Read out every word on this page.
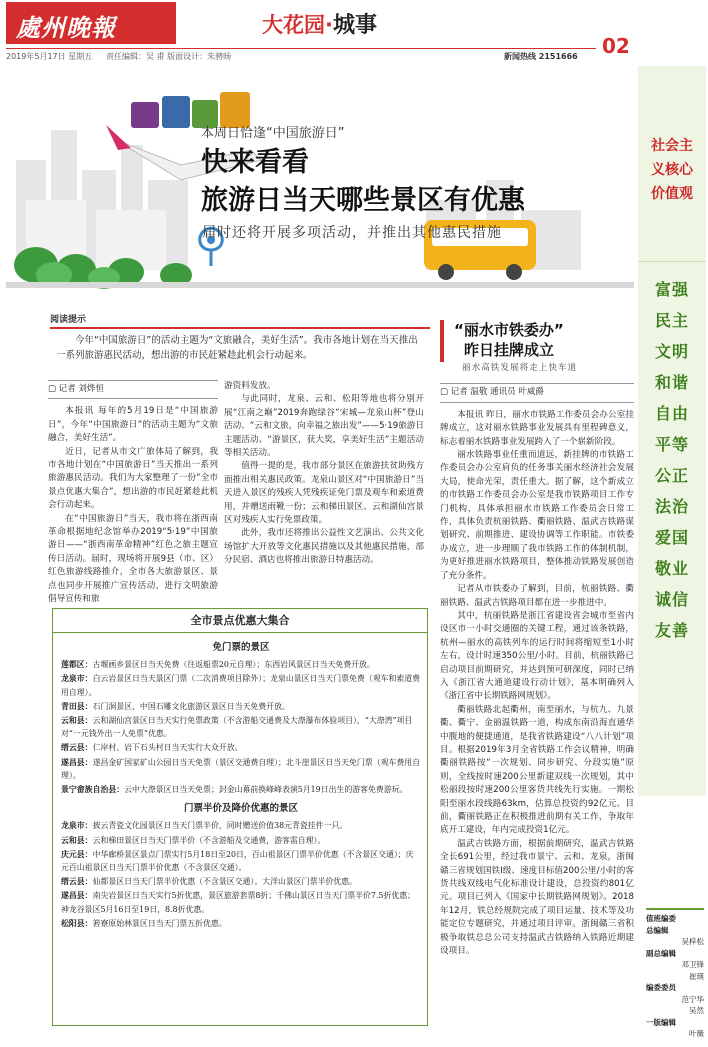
處州晚報	大花园·城事
02
2019年5月17日 星期五 责任编辑：吴 甫 版面设计：朱骋旸	新闻热线 2151666
本周日恰逢“中国旅游日”
快来看看
旅游日当天哪些景区有优惠
届时还将开展多项活动，并推出其他惠民措施
阅读提示
今年“中国旅游日”的活动主题为“文旅融合，美好生活”。我市各地计划在当天推出一系列旅游惠民活动，想出游的市民赶紧趁此机会行动起来。
▢ 记者 刘烨恒

本报讯 每年的5月19日是“中国旅游日”，今年“中国旅游日”的活动主题为“文旅融合，美好生活”。

近日，记者从市文广旅体局了解到，我市各地计划在“中国旅游日”当天推出一系列旅游惠民活动。我们为大家整理了一份“全市景点优惠大集合”，想出游的市民赶紧趁此机会行动起来。

在“中国旅游日”当天，我市将在浙西南革命根据地纪念馆举办2019“5·19”中国旅游日——“浙西南革命精神”红色之旅主题宣传日活动。届时，现场将开展9县（市、区）红色旅游线路推介，全市各大旅游景区、景点也同步开展推广宣传活动，进行文明旅游倡导宣传和旅

游资料发放。

与此同时，龙泉、云和、松阳等地也将分别开展“江南之巅”2019奔跑绿谷“宋城—龙泉山杯”登山活动、“云和文旅，向幸福之旅出发”——5·19旅游日主题活动、“游景区，获大奖，享美好生活”主题活动等相关活动。

值得一提的是，我市部分景区在旅游扶贫助残方面推出相关惠民政策。龙泉山景区对“中国旅游日”当天进入景区的残疾人凭残疾证免门票及观车和索道费用，并赠送雨靴一份；云和梯田景区、云和湖仙宫景区对残疾人实行免票政策。

此外，我市还将推出公益性文艺演出、公共文化场馆扩大开放等文化惠民措施以及其他惠民措施，部分民宿、酒店也将推出旅游日特惠活动。

“丽水市铁委办”
昨日挂牌成立
丽水高铁发展将走上快车道
▢ 记者 温敬 通讯员 叶威爵

本报讯 昨日，丽水市铁路工作委员会办公室挂牌成立，这对丽水铁路事业发展具有里程碑意义，标志着丽水铁路事业发展跨入了一个崭新阶段。

丽水铁路事业任重而道远，新挂牌的市铁路工作委员会办公室肩负的任务事关丽水经济社会发展大局，使命光荣，责任重大。据了解，这个新成立的市铁路工作委员会办公室是我市铁路项目工作专门机构，具体承担丽水市铁路工作委员会日常工作，具体负责杭丽铁路、衢丽铁路、温武吉铁路谋划研究、前期推进、建设协调等工作职能。市铁委办成立，进一步理顺了我市铁路工作的体制机制，为更好推进丽水铁路项目，整体推动铁路发展创造了充分条件。

记者从市铁委办了解到，目前，杭丽铁路、衢丽铁路、温武吉铁路项目都在进一步推进中。

其中，杭丽铁路是浙江省建设省会城市至省内设区市一小时交通圈的关键工程，通过该条铁路，杭州—丽水的高铁列车的运行时间将缩短至1小时左右，设计时速350公里/小时。目前，杭丽铁路已启动项目前期研究，并达到预可研深度，同时已纳入《浙江省大通道建设行动计划》，基本明确列入《浙江省中长期铁路网规划》。

衢丽铁路北起衢州，南至丽水，与杭九、九景衢、衢宁、金丽温铁路一道，构成东南沿海直通华中腹地的便捷通道，是我省铁路建设“八八计划”项目。根据2019年3月全省铁路工作会议精神，明确衢丽铁路按“一次规划、同步研究、分段实施”原则，全线按时速200公里新建双线一次规划，其中松丽段按时速200公里客货共线先行实施。一期松阳至丽水段线路63km，估算总投资约92亿元。目前，衢丽铁路正在积极推进前期有关工作，争取年底开工建设，年内完成投资1亿元。

温武吉铁路方面，根据前期研究，温武吉铁路全长691公里，经过我市景宁、云和、龙泉，浙闽赣三省规划国铁Ⅰ级、速度目标值200公里/小时的客货共线双线电气化标准设计建设，总投资约801亿元。项目已列入《国家中长期铁路网规划》。2018年12月，铁总经规院完成了项目运量、技术等及功能定位专题研究，并通过项目评审。浙闽赣三省积极争取铁总总公司支持温武吉铁路纳入铁路近期建设项目。

全市景点优惠大集合
免门票的景区
莲都区：古堰画乡景区日当天免费（往返船票20元自理）；东西岩风景区日当天免费开放。
龙泉市：白云岩景区日当天景区门票（二次消费项目除外）；龙泉山景区日当天门票免费（观车和索道费用自理）。
青田县：石门洞景区、中国石雕文化旅游区景区日当天免费开放。
云和县：云和湖仙宫景区日当天实行免票政策（不含游船交通费及大漈瀑布体验项目），“大漈湾”项目对“一元钱外出一人免票”优惠。
缙云县：仁岸村、岩下石头村日当天实行大众开放。
遂昌县：遂昌金矿国家矿山公园日当天免票（景区交通费自理）；北斗崖景区日当天免门票（观车费用自理）。
景宁畲族自治县：云中大漈景区日当天免票；封金山幕前换峰峰表演5月19日出生的游客免费游玩。
门票半价及降价优惠的景区
龙泉市：披云青瓷文化园景区日当天门票半价，同时赠送价值38元青瓷挂件一只。
云和县：云和梯田景区日当天门票半价（不含游船及交通费，游客需自理）。
庆元县：中华廊桥景区景点门票实行5月18日至20日，百山祖景区门票半价优惠（不含景区交通）；庆元百山祖景区日当天门票半价优惠（不含景区交通）。
缙云县：仙都景区日当天门票半价优惠（不含景区交通）。大洋山景区门票半价优惠。
遂昌县：南尖岩景区日当天实行5折优惠，景区旅游套票8折；千佛山景区日当天门票半价7.5折优惠；神龙谷景区5月16日至19日，8.8折优惠。
松阳县：箬寮原始林景区日当天门票五折优惠。
社会主义核心价值观
富强
民主
文明
和谐
自由
平等
公正
法治
爱国
敬业
诚信
友善
值班编委
总编辑
吴梓松
副总编辑
邓卫锋
崔瑛
编委委员
范宁华
吴然
一版编辑
叶薇
